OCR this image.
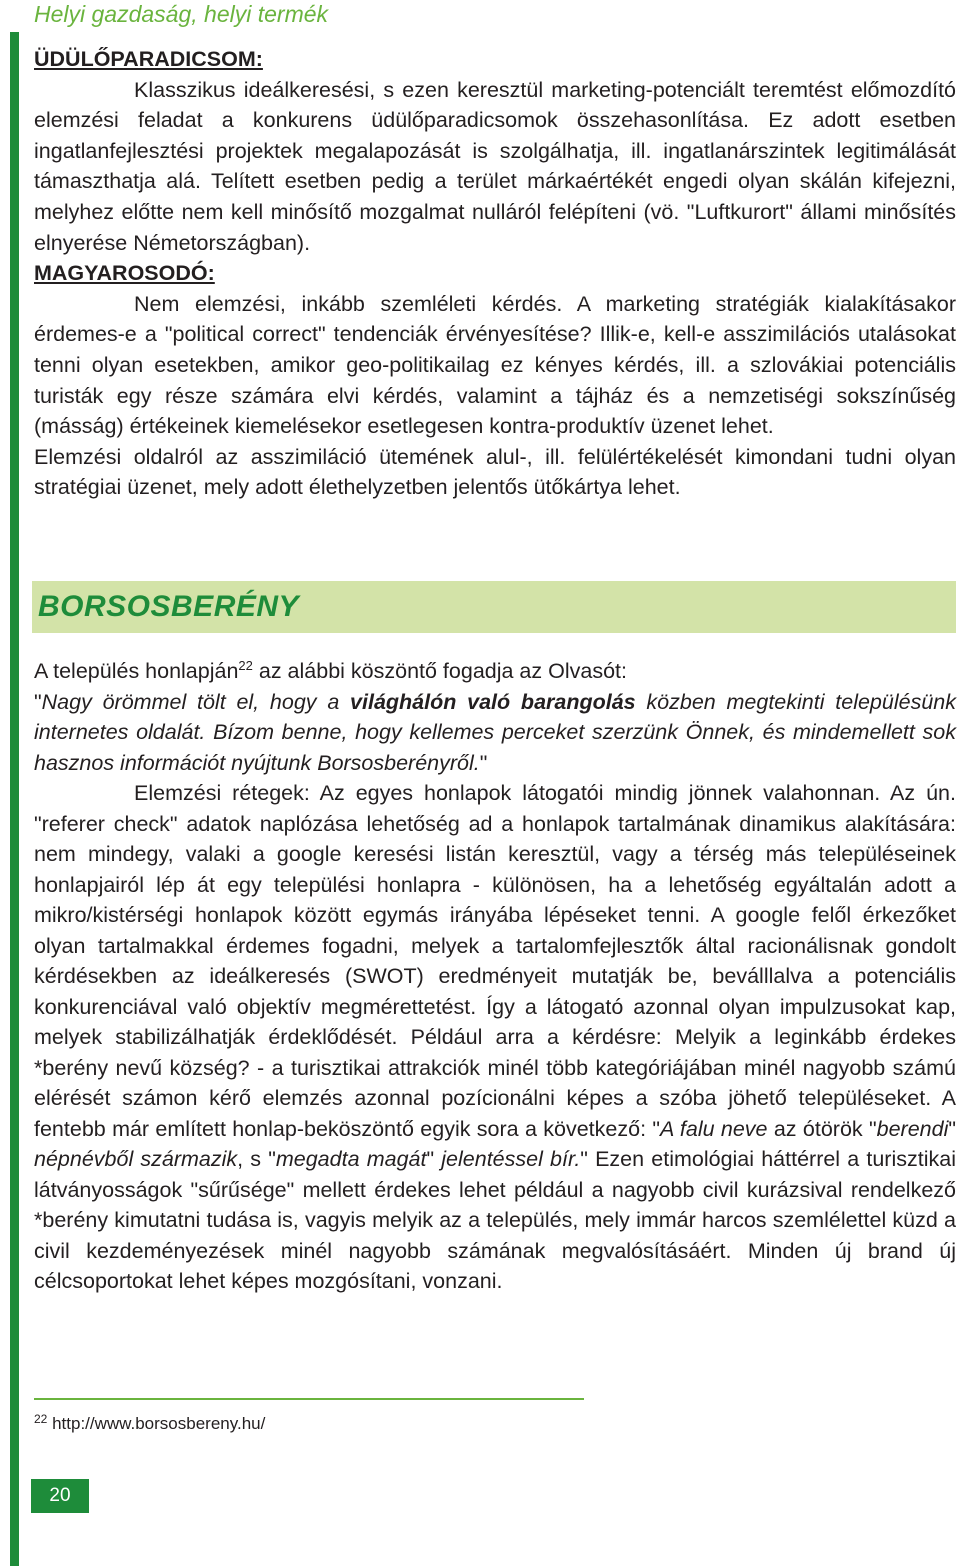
Helyi gazdaság, helyi termék

ÜDÜLŐPARADICSOM:

Klasszikus ideálkeresési, s ezen keresztül marketing-potenciált teremtést előmozdító elemzési feladat a konkurens üdülőparadicsomok összehasonlítása. Ez adott esetben ingatlanfejlesztési projektek megalapozását is szolgálhatja, ill. ingatlanárszintek legitimálását támaszthatja alá. Telített esetben pedig a terület márkaértékét engedi olyan skálán kifejezni, melyhez előtte nem kell minősítő mozgalmat nulláról felépíteni (vö. "Luftkurort" állami minősítés elnyerése Németországban).

MAGYAROSODÓ:

Nem elemzési, inkább szemléleti kérdés. A marketing stratégiák kialakításakor érdemes-e a "political correct" tendenciák érvényesítése? Illik-e, kell-e asszimilációs utalásokat tenni olyan esetekben, amikor geo-politikailag ez kényes kérdés, ill. a szlovákiai potenciális turisták egy része számára elvi kérdés, valamint a tájház és a nemzetiségi sokszínűség (másság) értékeinek kiemelésekor esetlegesen kontra-produktív üzenet lehet.

Elemzési oldalról az asszimiláció ütemének alul-, ill. felülértékelését kimondani tudni olyan stratégiai üzenet, mely adott élethelyzetben jelentős ütőkártya lehet.

BORSOSBERÉNY

A település honlapján$^{22}$ az alábbi köszöntő fogadja az Olvasót:

"Nagy örömmel tölt el, hogy a világhálón való barangolás közben megtekinti településünk internetes oldalát. Bízom benne, hogy kellemes perceket szerzünk Önnek, és mindemellett sok hasznos információt nyújtunk Borsosberényről."

Elemzési rétegek: Az egyes honlapok látogatói mindig jönnek valahonnan. Az ún. "referer check" adatok naplózása lehetőség ad a honlapok tartalmának dinamikus alakítására: nem mindegy, valaki a google keresési listán keresztül, vagy a térség más településeinek honlapjairól lép át egy települési honlapra - különösen, ha a lehetőség egyáltalán adott a mikro/kistérségi honlapok között egymás irányába lépéseket tenni. A google felől érkezőket olyan tartalmakkal érdemes fogadni, melyek a tartalomfejlesztők által racionálisnak gondolt kérdésekben az ideálkeresés (SWOT) eredményeit mutatják be, beválllalva a potenciális konkurenciával való objektív megmérettetést. Így a látogató azonnal olyan impulzusokat kap, melyek stabilizálhatják érdeklődését. Például arra a kérdésre: Melyik a leginkább érdekes *berény nevű község? - a turisztikai attrakciók minél több kategóriájában minél nagyobb számú elérését számon kérő elemzés azonnal pozícionálni képes a szóba jöhető településeket. A fentebb már említett honlap-beköszöntő egyik sora a következő: "A falu neve az ótörök "berendi" népnévből származik, s "megadta magát" jelentéssel bír." Ezen etimológiai háttérrel a turisztikai látványosságok "sűrűsége" mellett érdekes lehet például a nagyobb civil kurázsival rendelkező *berény kimutatni tudása is, vagyis melyik az a település, mely immár harcos szemlélettel küzd a civil kezdeményezések minél nagyobb számának megvalósításáért. Minden új brand új célcsoportokat lehet képes mozgósítani, vonzani.

$^{22}$ http://www.borsosbereny.hu/
20
